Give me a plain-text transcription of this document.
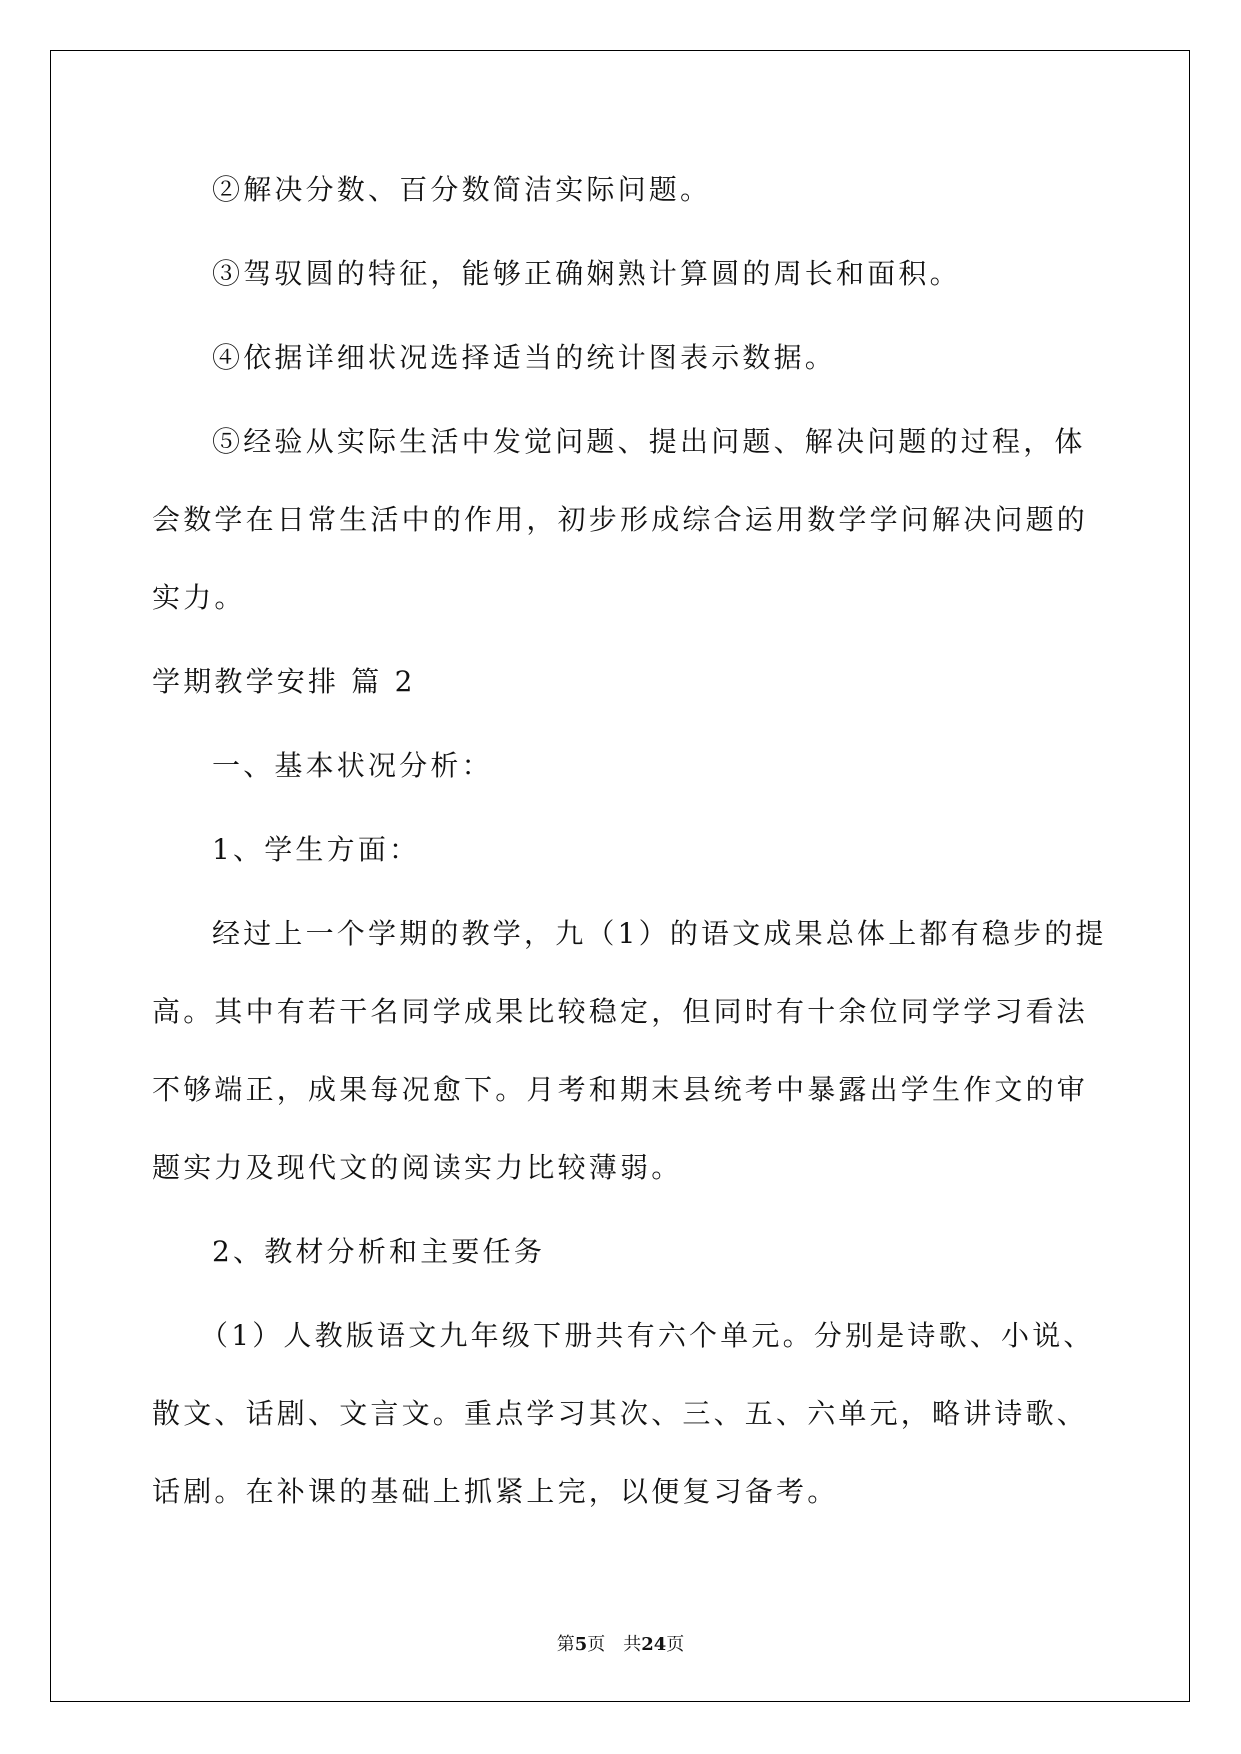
②解决分数、百分数简洁实际问题。
③驾驭圆的特征，能够正确娴熟计算圆的周长和面积。
④依据详细状况选择适当的统计图表示数据。
⑤经验从实际生活中发觉问题、提出问题、解决问题的过程，体
会数学在日常生活中的作用，初步形成综合运用数学学问解决问题的
实力。
学期教学安排 篇 2
一、基本状况分析：
1、学生方面：
经过上一个学期的教学，九（1）的语文成果总体上都有稳步的提
高。其中有若干名同学成果比较稳定，但同时有十余位同学学习看法
不够端正，成果每况愈下。月考和期末县统考中暴露出学生作文的审
题实力及现代文的阅读实力比较薄弱。
2、教材分析和主要任务
（1）人教版语文九年级下册共有六个单元。分别是诗歌、小说、
散文、话剧、文言文。重点学习其次、三、五、六单元，略讲诗歌、
话剧。在补课的基础上抓紧上完，以便复习备考。
第5页　共24页
